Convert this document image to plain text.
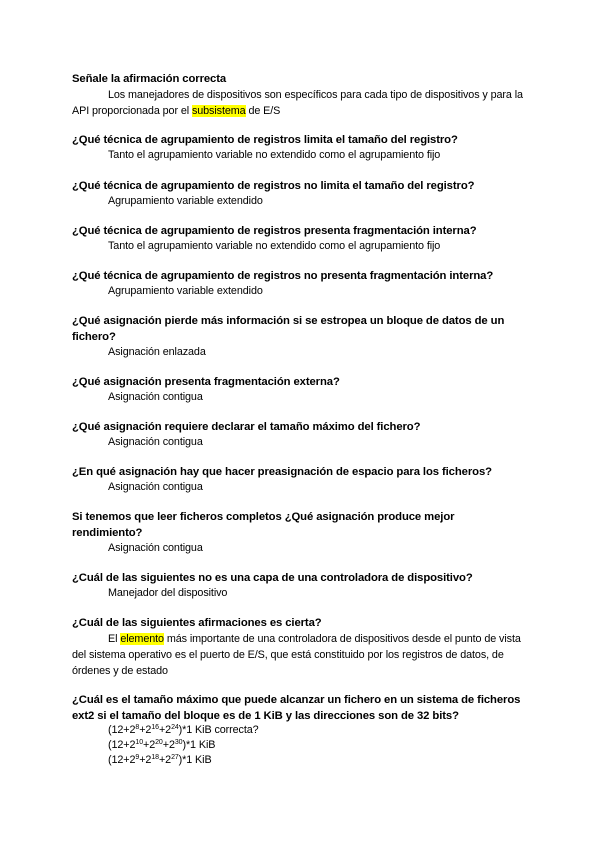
Señale la afirmación correcta

Los manejadores de dispositivos son específicos para cada tipo de dispositivos y para la API proporcionada por el subsistema de E/S

¿Qué técnica de agrupamiento de registros limita el tamaño del registro?

Tanto el agrupamiento variable no extendido como el agrupamiento fijo

¿Qué técnica de agrupamiento de registros no limita el tamaño del registro?

Agrupamiento variable extendido

¿Qué técnica de agrupamiento de registros presenta fragmentación interna?

Tanto el agrupamiento variable no extendido como el agrupamiento fijo

¿Qué técnica de agrupamiento de registros no presenta fragmentación interna?

Agrupamiento variable extendido

¿Qué asignación pierde más información si se estropea un bloque de datos de un fichero?

Asignación enlazada

¿Qué asignación presenta fragmentación externa?

Asignación contigua

¿Qué asignación requiere declarar el tamaño máximo del fichero?

Asignación contigua

¿En qué asignación hay que hacer preasignación de espacio para los ficheros?

Asignación contigua

Si tenemos que leer ficheros completos ¿Qué asignación produce mejor rendimiento?

Asignación contigua

¿Cuál de las siguientes no es una capa de una controladora de dispositivo?

Manejador del dispositivo

¿Cuál de las siguientes afirmaciones es cierta?

El elemento más importante de una controladora de dispositivos desde el punto de vista del sistema operativo es el puerto de E/S, que está constituido por los registros de datos, de órdenes y de estado

¿Cuál es el tamaño máximo que puede alcanzar un fichero en un sistema de ficheros ext2 si el tamaño del bloque es de 1 KiB y las direcciones son de 32 bits?

$(12+2^8+2^{16}+2^{24})*1$ KiB correcta?

$(12+2^{10}+2^{20}+2^{30})*1$ KiB

$(12+2^9+2^{18}+2^{27})*1$ KiB
